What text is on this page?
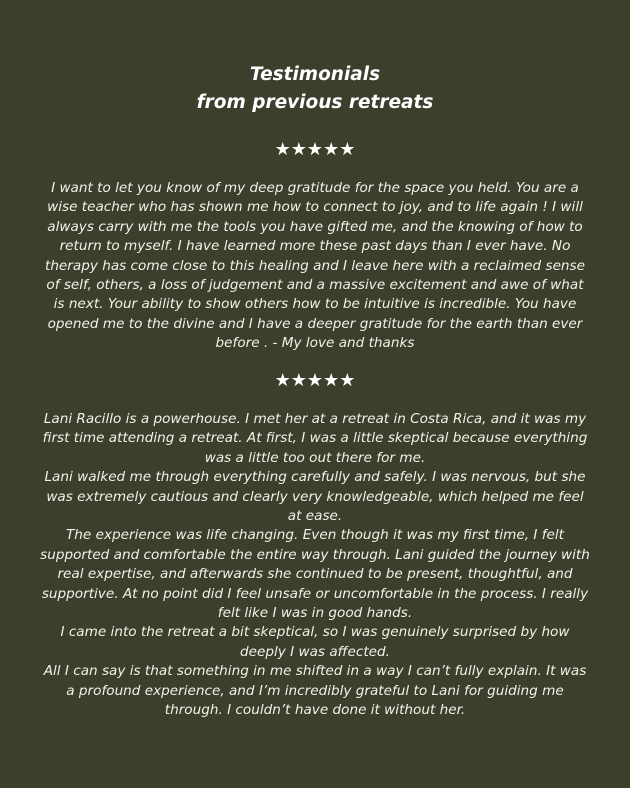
Testimonials
from previous retreats
★★★★★

I want to let you know of my deep gratitude for the space you held. You are a wise teacher who has shown me how to connect to joy, and to life again ! I will always carry with me the tools you have gifted me, and the knowing of how to return to myself. I have learned more these past days than I ever have. No therapy has come close to this healing and I leave here with a reclaimed sense of self, others, a loss of judgement and a massive excitement and awe of what is next. Your ability to show others how to be intuitive is incredible. You have opened me to the divine and I have a deeper gratitude for the earth than ever before . - My love and thanks

★★★★★

Lani Racillo is a powerhouse. I met her at a retreat in Costa Rica, and it was my first time attending a retreat. At first, I was a little skeptical because everything was a little too out there for me.

Lani walked me through everything carefully and safely. I was nervous, but she was extremely cautious and clearly very knowledgeable, which helped me feel at ease.

The experience was life changing. Even though it was my first time, I felt supported and comfortable the entire way through. Lani guided the journey with real expertise, and afterwards she continued to be present, thoughtful, and supportive. At no point did I feel unsafe or uncomfortable in the process. I really felt like I was in good hands.

I came into the retreat a bit skeptical, so I was genuinely surprised by how deeply I was affected.

All I can say is that something in me shifted in a way I can’t fully explain. It was a profound experience, and I’m incredibly grateful to Lani for guiding me through. I couldn’t have done it without her.
